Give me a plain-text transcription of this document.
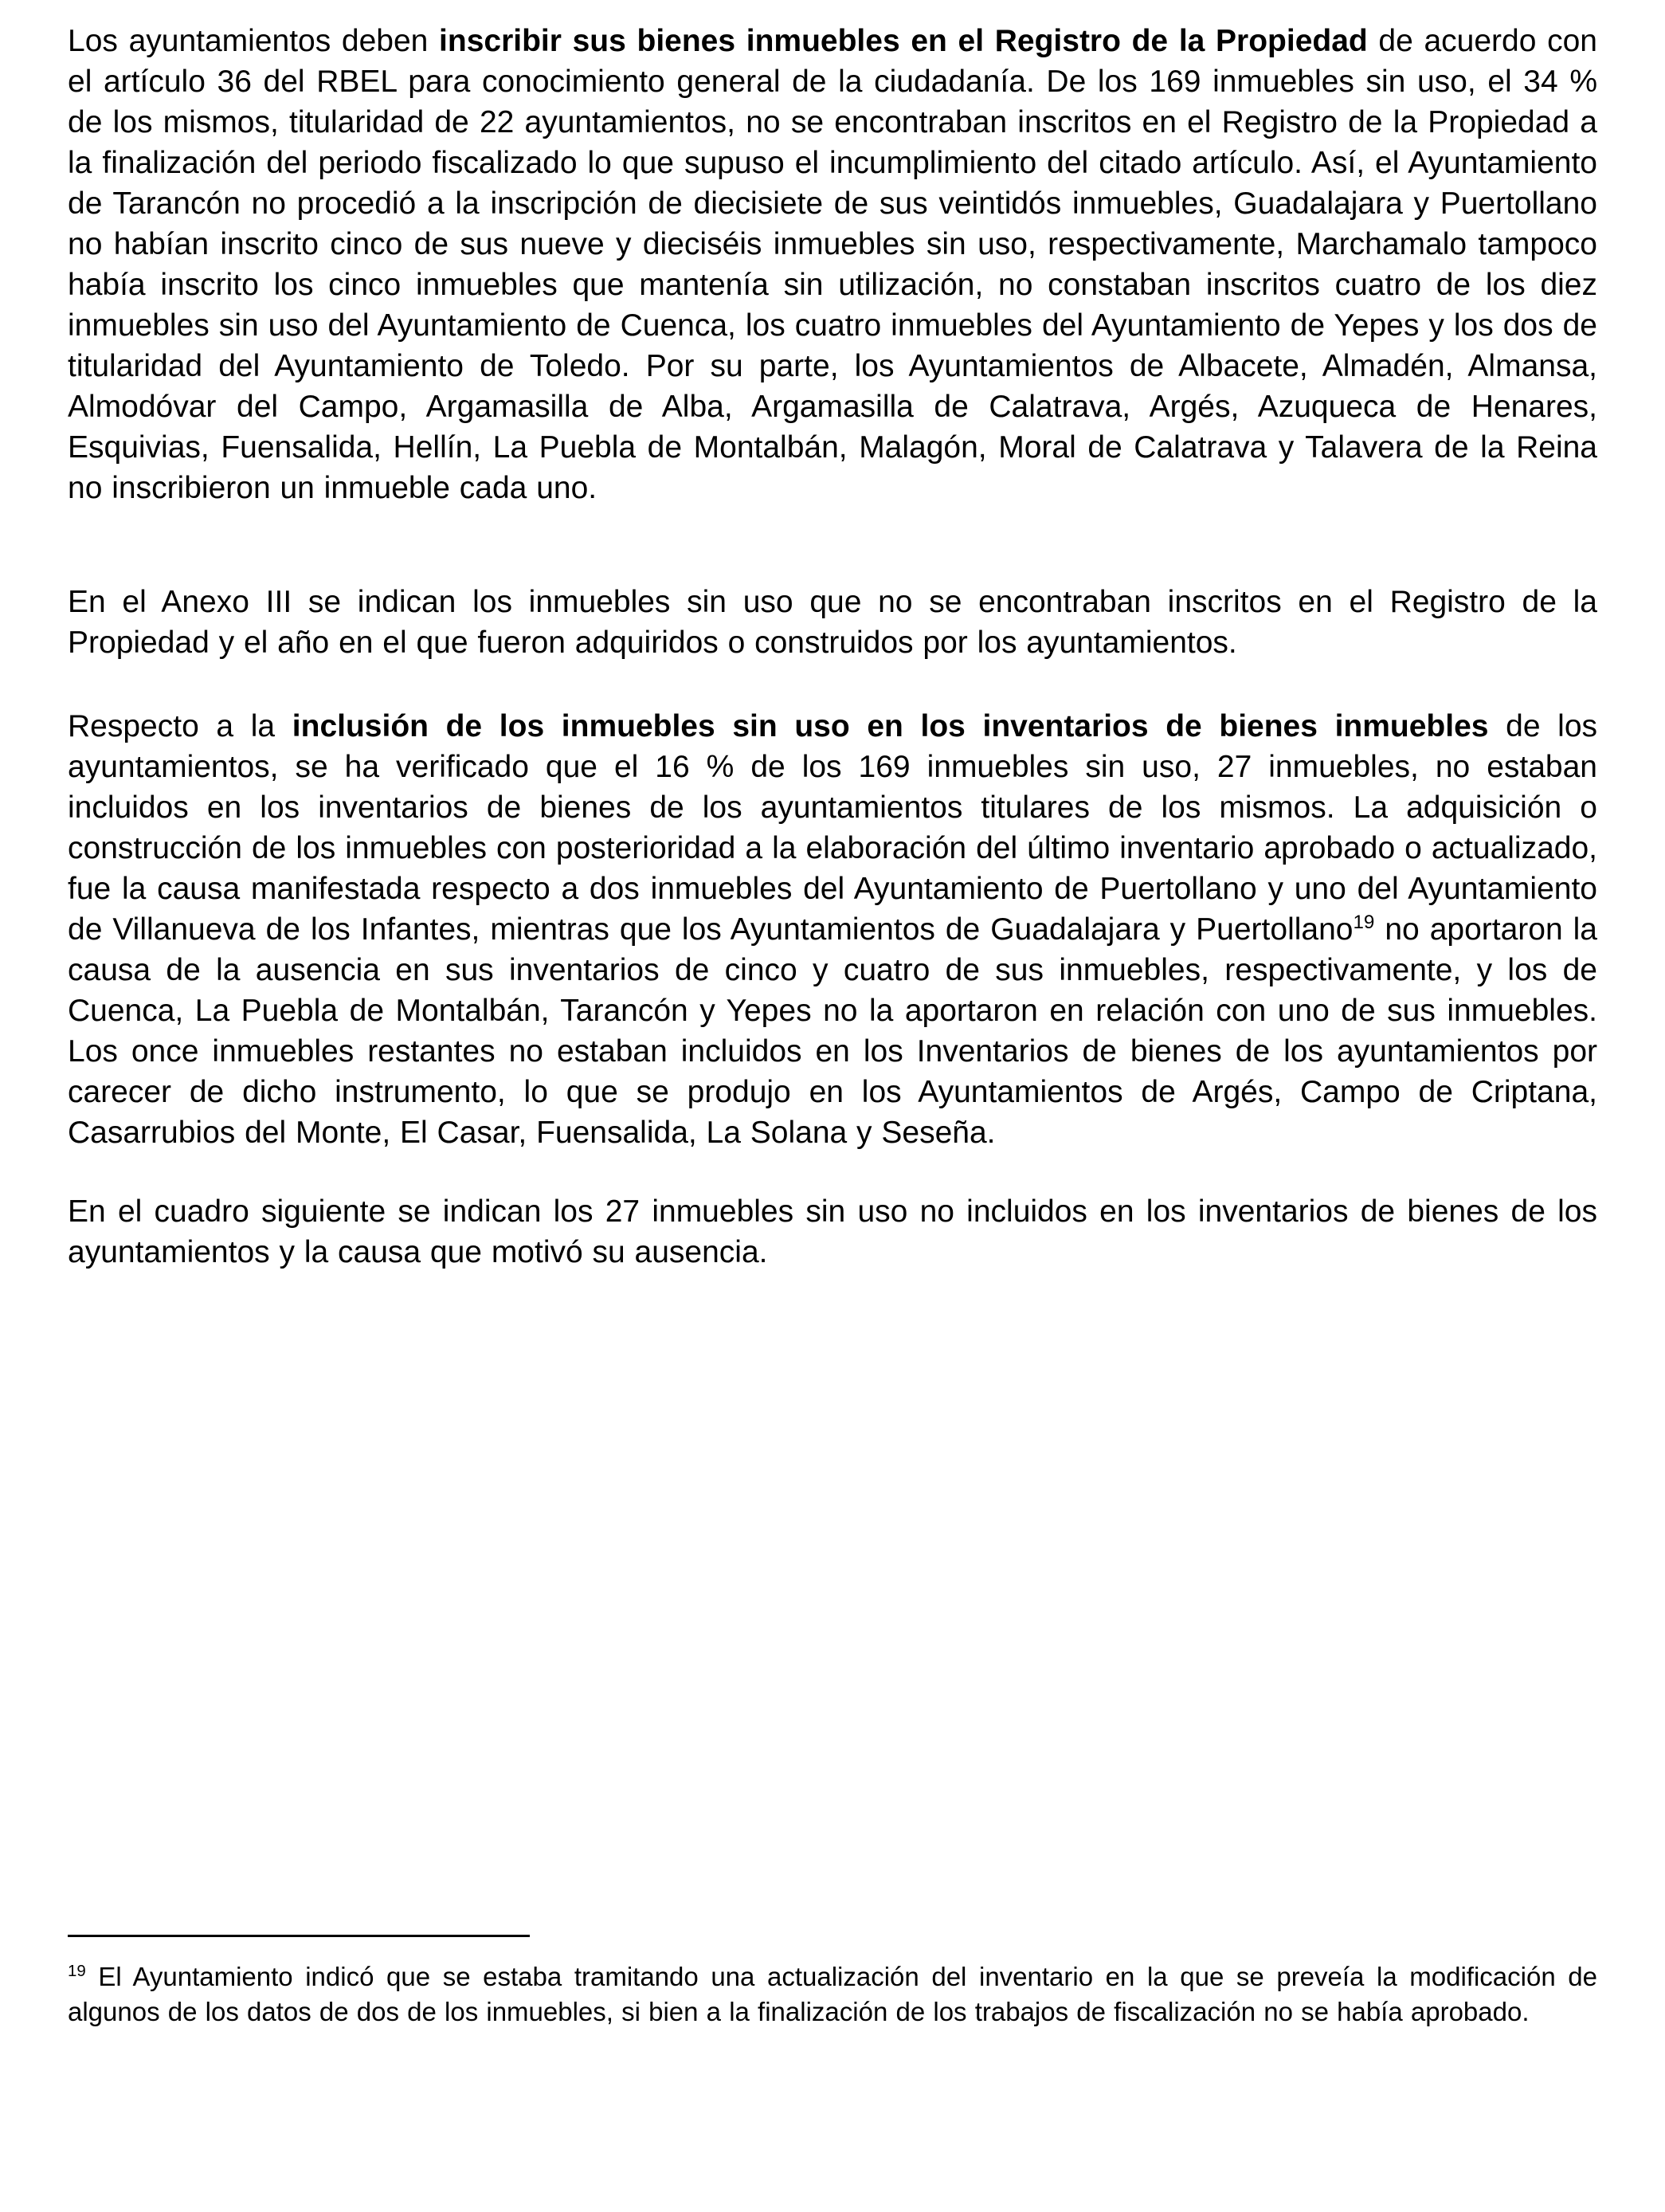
Los ayuntamientos deben inscribir sus bienes inmuebles en el Registro de la Propiedad de acuerdo con el artículo 36 del RBEL para conocimiento general de la ciudadanía. De los 169 inmuebles sin uso, el 34 % de los mismos, titularidad de 22 ayuntamientos, no se encontraban inscritos en el Registro de la Propiedad a la finalización del periodo fiscalizado lo que supuso el incumplimiento del citado artículo. Así, el Ayuntamiento de Tarancón no procedió a la inscripción de diecisiete de sus veintidós inmuebles, Guadalajara y Puertollano no habían inscrito cinco de sus nueve y dieciséis inmuebles sin uso, respectivamente, Marchamalo tampoco había inscrito los cinco inmuebles que mantenía sin utilización, no constaban inscritos cuatro de los diez inmuebles sin uso del Ayuntamiento de Cuenca, los cuatro inmuebles del Ayuntamiento de Yepes y los dos de titularidad del Ayuntamiento de Toledo. Por su parte, los Ayuntamientos de Albacete, Almadén, Almansa, Almodóvar del Campo, Argamasilla de Alba, Argamasilla de Calatrava, Argés, Azuqueca de Henares, Esquivias, Fuensalida, Hellín, La Puebla de Montalbán, Malagón, Moral de Calatrava y Talavera de la Reina no inscribieron un inmueble cada uno.

En el Anexo III se indican los inmuebles sin uso que no se encontraban inscritos en el Registro de la Propiedad y el año en el que fueron adquiridos o construidos por los ayuntamientos.

Respecto a la inclusión de los inmuebles sin uso en los inventarios de bienes inmuebles de los ayuntamientos, se ha verificado que el 16 % de los 169 inmuebles sin uso, 27 inmuebles, no estaban incluidos en los inventarios de bienes de los ayuntamientos titulares de los mismos. La adquisición o construcción de los inmuebles con posterioridad a la elaboración del último inventario aprobado o actualizado, fue la causa manifestada respecto a dos inmuebles del Ayuntamiento de Puertollano y uno del Ayuntamiento de Villanueva de los Infantes, mientras que los Ayuntamientos de Guadalajara y Puertollano$^{19}$ no aportaron la causa de la ausencia en sus inventarios de cinco y cuatro de sus inmuebles, respectivamente, y los de Cuenca, La Puebla de Montalbán, Tarancón y Yepes no la aportaron en relación con uno de sus inmuebles. Los once inmuebles restantes no estaban incluidos en los Inventarios de bienes de los ayuntamientos por carecer de dicho instrumento, lo que se produjo en los Ayuntamientos de Argés, Campo de Criptana, Casarrubios del Monte, El Casar, Fuensalida, La Solana y Seseña.

En el cuadro siguiente se indican los 27 inmuebles sin uso no incluidos en los inventarios de bienes de los ayuntamientos y la causa que motivó su ausencia.

$^{19}$ El Ayuntamiento indicó que se estaba tramitando una actualización del inventario en la que se preveía la modificación de algunos de los datos de dos de los inmuebles, si bien a la finalización de los trabajos de fiscalización no se había aprobado.
